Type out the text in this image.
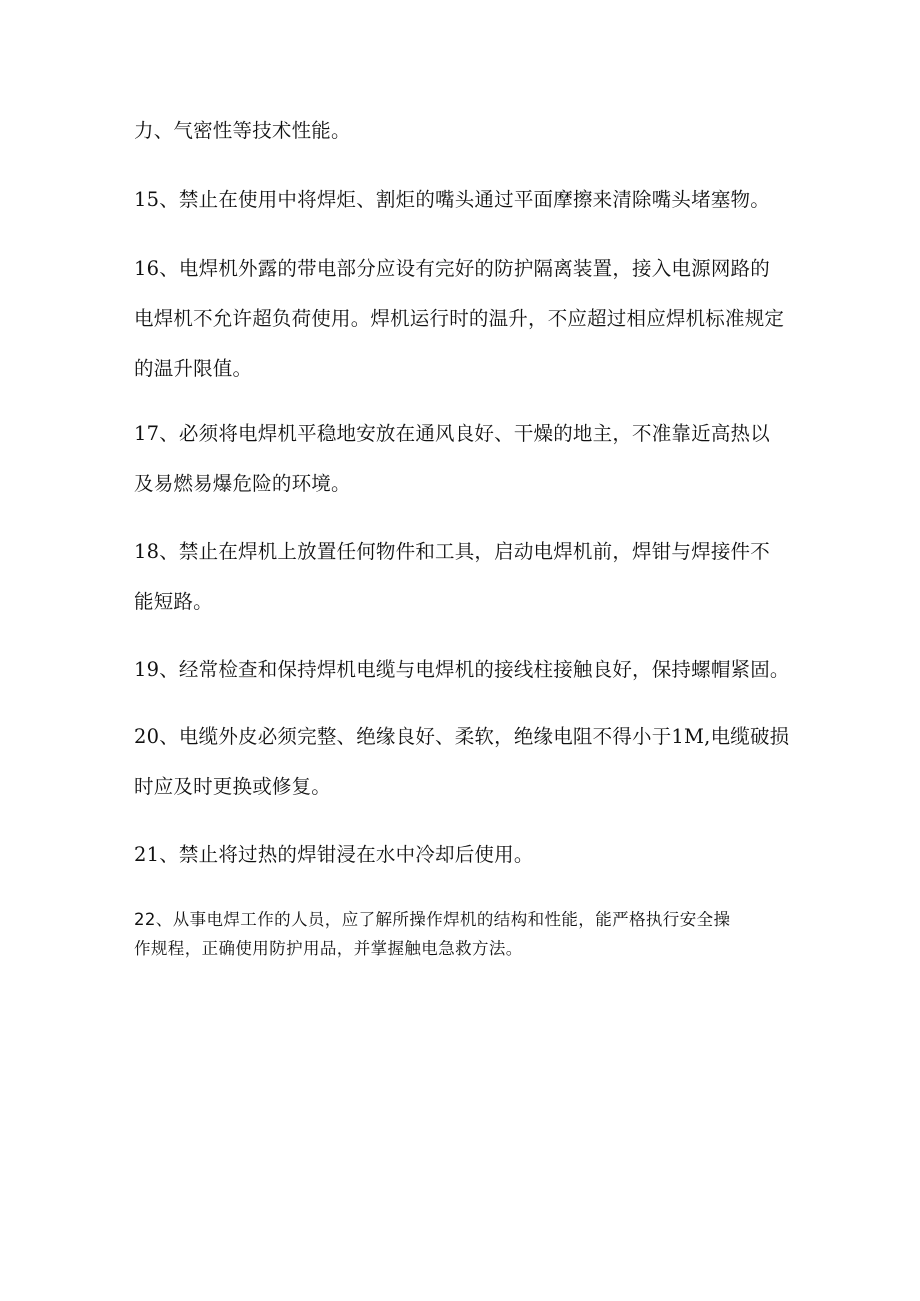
力、气密性等技术性能。

15、禁止在使用中将焊炬、割炬的嘴头通过平面摩擦来清除嘴头堵塞物。

16、电焊机外露的带电部分应设有完好的防护隔离装置，接入电源网路的
电焊机不允许超负荷使用。焊机运行时的温升，不应超过相应焊机标准规定
的温升限值。

17、必须将电焊机平稳地安放在通风良好、干燥的地主，不准靠近高热以
及易燃易爆危险的环境。

18、禁止在焊机上放置任何物件和工具，启动电焊机前，焊钳与焊接件不
能短路。

19、经常检查和保持焊机电缆与电焊机的接线柱接触良好，保持螺帽紧固。

20、电缆外皮必须完整、绝缘良好、柔软，绝缘电阻不得小于1M,电缆破损
时应及时更换或修复。

21、禁止将过热的焊钳浸在水中冷却后使用。

22、从事电焊工作的人员，应了解所操作焊机的结构和性能，能严格执行安全操
作规程，正确使用防护用品，并掌握触电急救方法。
